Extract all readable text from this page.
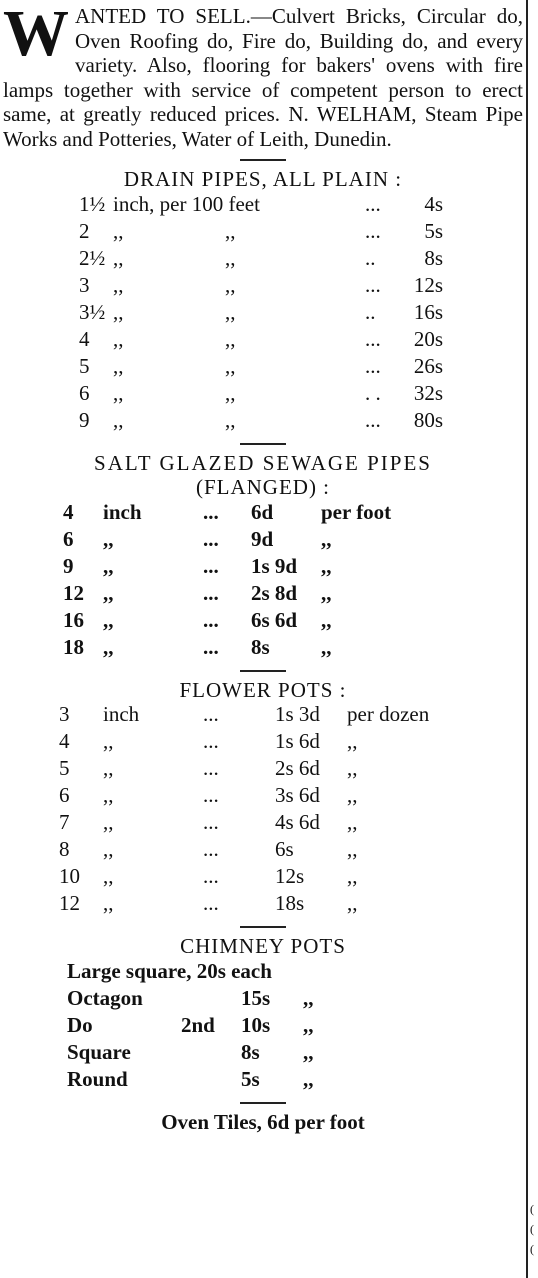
(
(
(
WANTED TO SELL.—Culvert Bricks, Circular do, Oven Roofing do, Fire do, Building do, and every variety. Also, flooring for bakers' ovens with fire lamps together with service of competent person to erect same, at greatly reduced prices. N. WELHAM, Steam Pipe Works and Potteries, Water of Leith, Dunedin.
DRAIN PIPES, ALL PLAIN :
1½ inch, per 100 feet	... 4s
2 ,,	,,	... 5s
2½ ,,	,,	.. 8s
3 ,,	,,	... 12s
3½ ,,	,,	.. 16s
4 ,,	,,	... 20s
5 ,,	,,	... 26s
6 ,,	,,	. . 32s
9 ,,	,,	... 80s
SALT GLAZED SEWAGE PIPES
(FLANGED) :
4 inch	... 6d per foot
6 ,,	... 9d ,,
9 ,,	... 1s 9d ,,
12 ,,	... 2s 8d ,,
16 ,,	... 6s 6d ,,
18 ,,	... 8s ,,
FLOWER POTS :
3 inch	...	1s 3d per dozen
4 ,,	...	1s 6d ,,
5 ,,	...	2s 6d ,,
6 ,,	...	3s 6d ,,
7 ,,	...	4s 6d ,,
8 ,,	...	6s	,,
10 ,,	...	12s ,,
12 ,,	...	18s ,,
CHIMNEY POTS
Large square, 20s each
Octagon	15s ,,
Do	2nd 10s ,,
Square	8s ,,
Round	5s ,,
Oven Tiles, 6d per foot
